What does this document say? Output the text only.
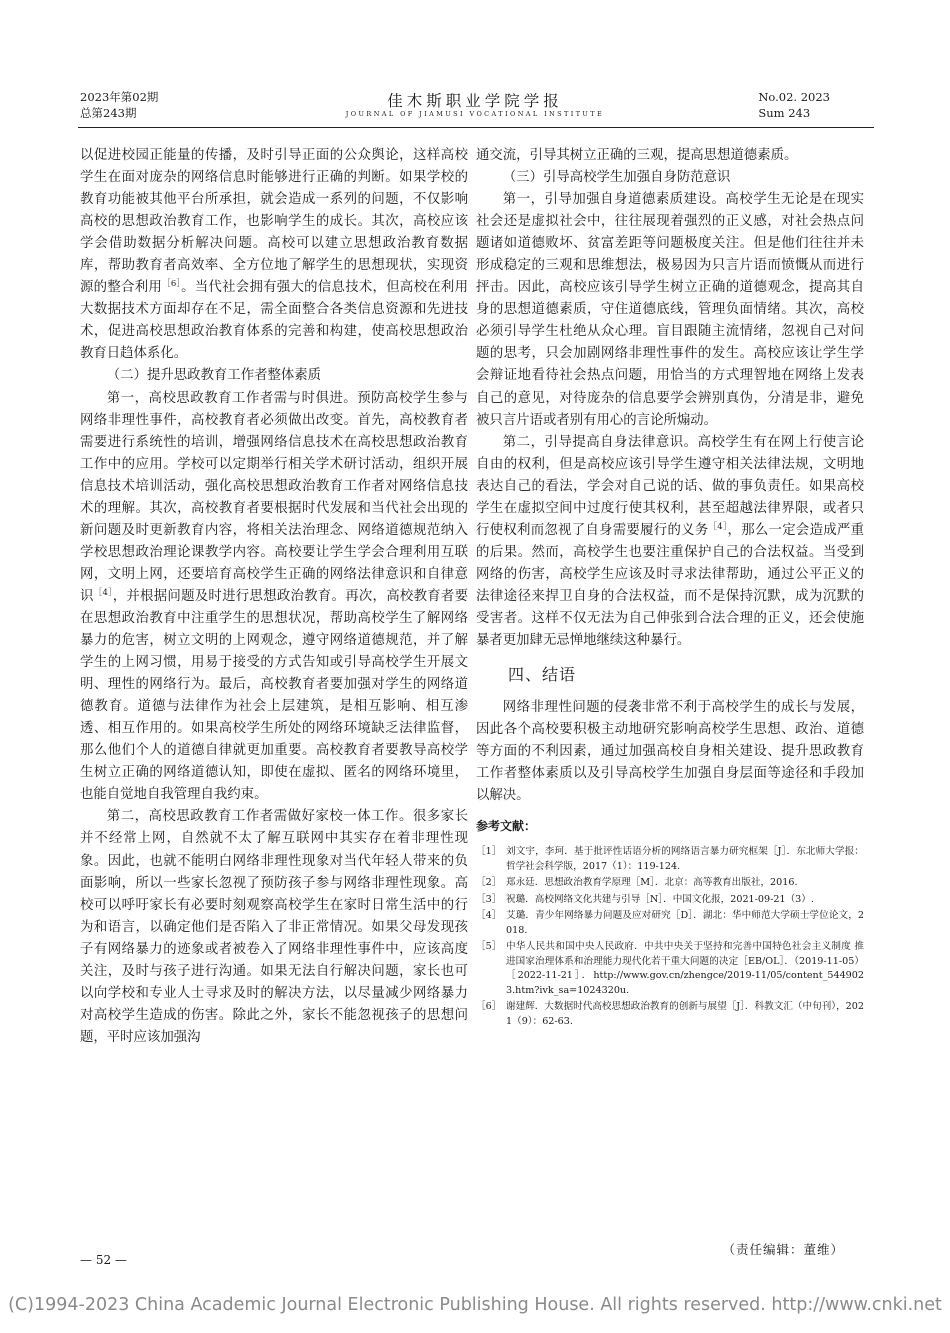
2023年第02期
总第243期
佳木斯职业学院学报
JOURNAL OF JIAMUSI VOCATIONAL INSTITUTE
No.02. 2023
Sum 243

以促进校园正能量的传播，及时引导正面的公众舆论，这样高校学生在面对庞杂的网络信息时能够进行正确的判断。如果学校的教育功能被其他平台所承担，就会造成一系列的问题，不仅影响高校的思想政治教育工作，也影响学生的成长。其次，高校应该学会借助数据分析解决问题。高校可以建立思想政治教育数据库，帮助教育者高效率、全方位地了解学生的思想现状，实现资源的整合利用$^{[6]}$。当代社会拥有强大的信息技术，但高校在利用大数据技术方面却存在不足，需全面整合各类信息资源和先进技术，促进高校思想政治教育体系的完善和构建，使高校思想政治教育日趋体系化。

（二）提升思政教育工作者整体素质

第一，高校思政教育工作者需与时俱进。预防高校学生参与网络非理性事件，高校教育者必须做出改变。首先，高校教育者需要进行系统性的培训，增强网络信息技术在高校思想政治教育工作中的应用。学校可以定期举行相关学术研讨活动，组织开展信息技术培训活动，强化高校思想政治教育工作者对网络信息技术的理解。其次，高校教育者要根据时代发展和当代社会出现的新问题及时更新教育内容，将相关法治理念、网络道德规范纳入学校思想政治理论课教学内容。高校要让学生学会合理利用互联网，文明上网，还要培育高校学生正确的网络法律意识和自律意识$^{[4]}$，并根据问题及时进行思想政治教育。再次，高校教育者要在思想政治教育中注重学生的思想状况，帮助高校学生了解网络暴力的危害，树立文明的上网观念，遵守网络道德规范，并了解学生的上网习惯，用易于接受的方式告知或引导高校学生开展文明、理性的网络行为。最后，高校教育者要加强对学生的网络道德教育。道德与法律作为社会上层建筑，是相互影响、相互渗透、相互作用的。如果高校学生所处的网络环境缺乏法律监督，那么他们个人的道德自律就更加重要。高校教育者要教导高校学生树立正确的网络道德认知，即使在虚拟、匿名的网络环境里，也能自觉地自我管理自我约束。

第二，高校思政教育工作者需做好家校一体工作。很多家长并不经常上网，自然就不太了解互联网中其实存在着非理性现象。因此，也就不能明白网络非理性现象对当代年轻人带来的负面影响，所以一些家长忽视了预防孩子参与网络非理性现象。高校可以呼吁家长有必要时刻观察高校学生在家时日常生活中的行为和语言，以确定他们是否陷入了非正常情况。如果父母发现孩子有网络暴力的迹象或者被卷入了网络非理性事件中，应该高度关注，及时与孩子进行沟通。如果无法自行解决问题，家长也可以向学校和专业人士寻求及时的解决方法，以尽量减少网络暴力对高校学生造成的伤害。除此之外，家长不能忽视孩子的思想问题，平时应该加强沟

通交流，引导其树立正确的三观，提高思想道德素质。

（三）引导高校学生加强自身防范意识

第一，引导加强自身道德素质建设。高校学生无论是在现实社会还是虚拟社会中，往往展现着强烈的正义感，对社会热点问题诸如道德败坏、贫富差距等问题极度关注。但是他们往往并未形成稳定的三观和思维想法，极易因为只言片语而愤慨从而进行抨击。因此，高校应该引导学生树立正确的道德观念，提高其自身的思想道德素质，守住道德底线，管理负面情绪。其次，高校必须引导学生杜绝从众心理。盲目跟随主流情绪，忽视自己对问题的思考，只会加剧网络非理性事件的发生。高校应该让学生学会辩证地看待社会热点问题，用恰当的方式理智地在网络上发表自己的意见，对待庞杂的信息要学会辨别真伪，分清是非，避免被只言片语或者别有用心的言论所煽动。

第二，引导提高自身法律意识。高校学生有在网上行使言论自由的权利，但是高校应该引导学生遵守相关法律法规，文明地表达自己的看法，学会对自己说的话、做的事负责任。如果高校学生在虚拟空间中过度行使其权利，甚至超越法律界限，或者只行使权利而忽视了自身需要履行的义务$^{[4]}$，那么一定会造成严重的后果。然而，高校学生也要注重保护自己的合法权益。当受到网络的伤害，高校学生应该及时寻求法律帮助，通过公平正义的法律途径来捍卫自身的合法权益，而不是保持沉默，成为沉默的受害者。这样不仅无法为自己伸张到合法合理的正义，还会使施暴者更加肆无忌惮地继续这种暴行。

四、结语

网络非理性问题的侵袭非常不利于高校学生的成长与发展，因此各个高校要积极主动地研究影响高校学生思想、政治、道德等方面的不利因素，通过加强高校自身相关建设、提升思政教育工作者整体素质以及引导高校学生加强自身层面等途径和手段加以解决。

参考文献：

［1］ 刘文宇，李珂．基于批评性话语分析的网络语言暴力研究框架［J］．东北师大学报：哲学社会科学版，2017（1）：119-124.
［2］ 郑永廷．思想政治教育学原理［M］．北京：高等教育出版社，2016.
［3］ 祝璐．高校网络文化共建与引导［N］．中国文化报，2021-09-21（3）.
［4］ 艾璐．青少年网络暴力问题及应对研究［D］．湖北：华中师范大学硕士学位论文，2018.
［5］ 中华人民共和国中央人民政府．中共中央关于坚持和完善中国特色社会主义制度 推进国家治理体系和治理能力现代化若干重大问题的决定［EB/OL］．（2019-11-05）［2022-11-21］．http://www.gov.cn/zhengce/2019-11/05/content_5449023.htm?ivk_sa=1024320u.
［6］ 谢建辉．大数据时代高校思想政治教育的创新与展望［J］．科教文汇（中旬刊），2021（9）：62-63.
（责任编辑：董维）
— 52 —
(C)1994-2023 China Academic Journal Electronic Publishing House. All rights reserved. http://www.cnki.net
